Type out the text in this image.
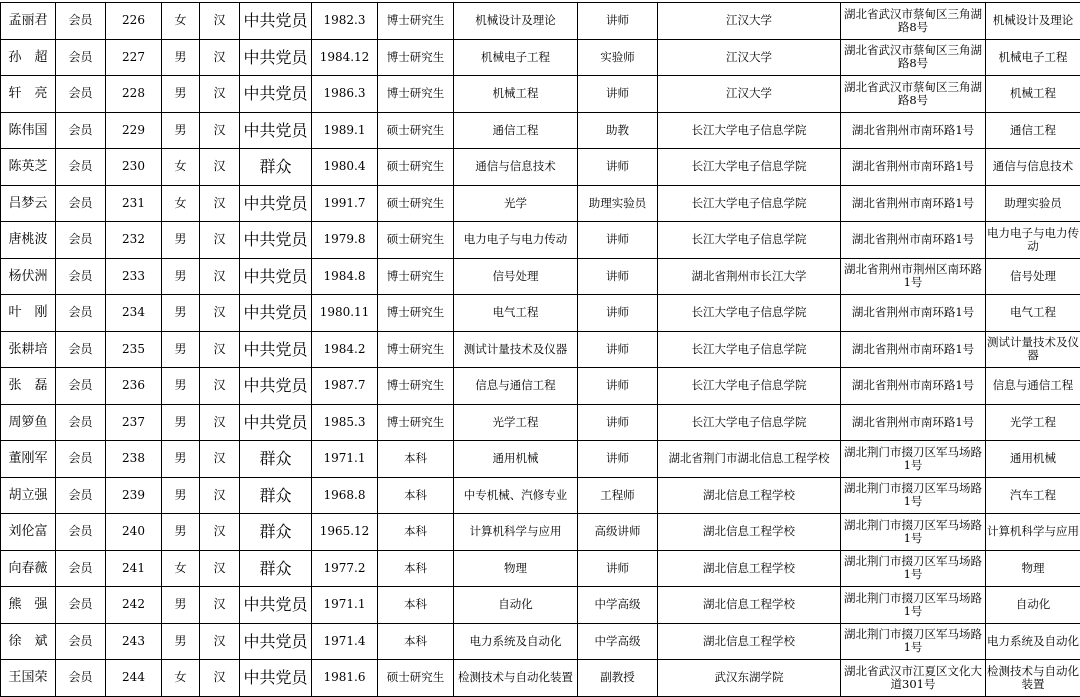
孟丽君	会员	226	女	汉	中共党员	1982.3	博士研究生	机械设计及理论	讲师	江汉大学	湖北省武汉市蔡甸区三角湖路8号	机械设计及理论
孙　超	会员	227	男	汉	中共党员	1984.12	博士研究生	机械电子工程	实验师	江汉大学	湖北省武汉市蔡甸区三角湖路8号	机械电子工程
轩　亮	会员	228	男	汉	中共党员	1986.3	博士研究生	机械工程	讲师	江汉大学	湖北省武汉市蔡甸区三角湖路8号	机械工程
陈伟国	会员	229	男	汉	中共党员	1989.1	硕士研究生	通信工程	助教	长江大学电子信息学院	湖北省荆州市南环路1号	通信工程
陈英芝	会员	230	女	汉	群众	1980.4	硕士研究生	通信与信息技术	讲师	长江大学电子信息学院	湖北省荆州市南环路1号	通信与信息技术
吕梦云	会员	231	女	汉	中共党员	1991.7	硕士研究生	光学	助理实验员	长江大学电子信息学院	湖北省荆州市南环路1号	助理实验员
唐桃波	会员	232	男	汉	中共党员	1979.8	硕士研究生	电力电子与电力传动	讲师	长江大学电子信息学院	湖北省荆州市南环路1号	电力电子与电力传动
杨伏洲	会员	233	男	汉	中共党员	1984.8	博士研究生	信号处理	讲师	湖北省荆州市长江大学	湖北省荆州市荆州区南环路1号	信号处理
叶　刚	会员	234	男	汉	中共党员	1980.11	博士研究生	电气工程	讲师	长江大学电子信息学院	湖北省荆州市南环路1号	电气工程
张耕培	会员	235	男	汉	中共党员	1984.2	博士研究生	测试计量技术及仪器	讲师	长江大学电子信息学院	湖北省荆州市南环路1号	测试计量技术及仪器
张　磊	会员	236	男	汉	中共党员	1987.7	博士研究生	信息与通信工程	讲师	长江大学电子信息学院	湖北省荆州市南环路1号	信息与通信工程
周箩鱼	会员	237	男	汉	中共党员	1985.3	博士研究生	光学工程	讲师	长江大学电子信息学院	湖北省荆州市南环路1号	光学工程
董刚军	会员	238	男	汉	群众	1971.1	本科	通用机械	讲师	湖北省荆门市湖北信息工程学校	湖北荆门市掇刀区军马场路1号	通用机械
胡立强	会员	239	男	汉	群众	1968.8	本科	中专机械、汽修专业	工程师	湖北信息工程学校	湖北荆门市掇刀区军马场路1号	汽车工程
刘伦富	会员	240	男	汉	群众	1965.12	本科	计算机科学与应用	高级讲师	湖北信息工程学校	湖北荆门市掇刀区军马场路1号	计算机科学与应用
向春薇	会员	241	女	汉	群众	1977.2	本科	物理	讲师	湖北信息工程学校	湖北荆门市掇刀区军马场路1号	物理
熊　强	会员	242	男	汉	中共党员	1971.1	本科	自动化	中学高级	湖北信息工程学校	湖北荆门市掇刀区军马场路1号	自动化
徐　斌	会员	243	男	汉	中共党员	1971.4	本科	电力系统及自动化	中学高级	湖北信息工程学校	湖北荆门市掇刀区军马场路1号	电力系统及自动化
王国荣	会员	244	女	汉	中共党员	1981.6	硕士研究生	检测技术与自动化装置	副教授	武汉东湖学院	湖北省武汉市江夏区文化大道301号	检测技术与自动化装置
